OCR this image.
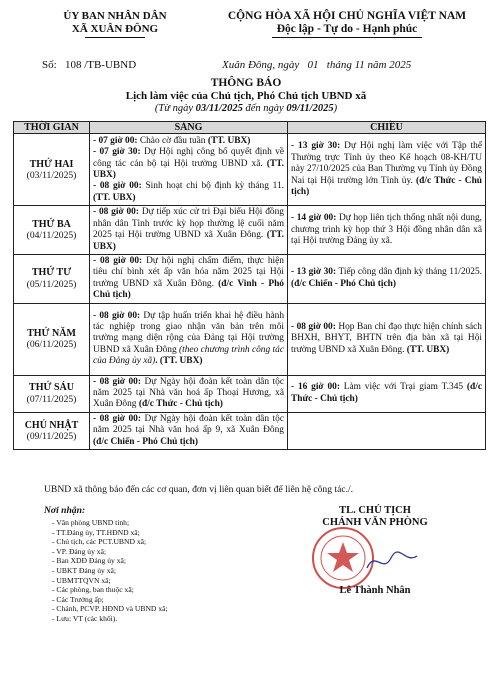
ỦY BAN NHÂN DÂN
XÃ XUÂN ĐÔNG
CỘNG HÒA XÃ HỘI CHỦ NGHĨA VIỆT NAM
Độc lập - Tự do - Hạnh phúc
Số: 108 /TB-UBND	Xuân Đông, ngày 01 tháng 11 năm 2025
THÔNG BÁO
Lịch làm việc của Chủ tịch, Phó Chủ tịch UBND xã
(Từ ngày 03/11/2025 đến ngày 09/11/2025)
THỜI GIAN	SÁNG	CHIỀU

THỨ HAI
(03/11/2025)	- 07 giờ 00: Chào cờ đầu tuần (TT. UBX)
- 07 giờ 30: Dự Hội nghị công bố quyết định về công tác cán bộ tại Hội trường UBND xã. (TT. UBX)
- 08 giờ 00: Sinh hoạt chi bộ định kỳ tháng 11. (TT. UBX)	- 13 giờ 30: Dự Hội nghị làm việc với Tập thể Thường trực Tỉnh ủy theo Kế hoạch 08-KH/TU này 27/10/2025 của Ban Thường vụ Tỉnh ủy Đồng Nai tại Hội trường lớn Tỉnh ủy. (đ/c Thức - Chủ tịch)

THỨ BA
(04/11/2025)	- 08 giờ 00: Dự tiếp xúc cử tri Đại biểu Hội đồng nhân dân Tỉnh trước kỳ họp thường lệ cuối năm 2025 tại Hội trường UBND xã Xuân Đông. (TT. UBX)	- 14 giờ 00: Dự họp liên tịch thống nhất nội dung, chương trình kỳ họp thứ 3 Hội đồng nhân dân xã tại Hội trường Đảng ủy xã.

THỨ TƯ
(05/11/2025)	- 08 giờ 00: Dự hội nghị chấm điểm, thực hiện tiêu chí bình xét ấp văn hóa năm 2025 tại Hội trường UBND xã Xuân Đông. (đ/c Vinh - Phó Chủ tịch)	- 13 giờ 30: Tiếp công dân định kỳ tháng 11/2025. (đ/c Chiến - Phó Chủ tịch)

THỨ NĂM
(06/11/2025)	- 08 giờ 00: Dự tập huấn triển khai hệ điều hành tác nghiệp trong giao nhận văn bản trên môi trường mạng diện rộng của Đảng tại Hội trường UBND xã Xuân Đông (theo chương trình công tác của Đảng ủy xã). (TT. UBX)	- 08 giờ 00: Họp Ban chỉ đạo thực hiện chính sách BHXH, BHYT, BHTN trên địa bàn xã tại Hội trường UBND xã Xuân Đông. (TT. UBX)

THỨ SÁU
(07/11/2025)	- 08 giờ 00: Dự Ngày hội đoàn kết toàn dân tộc năm 2025 tại Nhà văn hoá ấp Thoại Hương, xã Xuân Đông (đ/c Thức - Chủ tịch)	- 16 giờ 00: Làm việc với Trại giam T.345 (đ/c Thức - Chủ tịch)

CHỦ NHẬT
(09/11/2025)	- 08 giờ 00: Dự Ngày hội đoàn kết toàn dân tộc năm 2025 tại Nhà văn hoá ấp 9, xã Xuân Đông (đ/c Chiến - Phó Chủ tịch)	

UBND xã thông báo đến các cơ quan, đơn vị liên quan biết để liên hệ công tác./.
Nơi nhận:
- Văn phòng UBND tỉnh;
- TT.Đảng ủy, TT.HĐND xã;
- Chủ tịch, các PCT.UBND xã;
- VP. Đảng ủy xã;
- Ban XDĐ Đảng ủy xã;
- UBKT Đảng ủy xã;
- UBMTTQVN xã;
- Các phòng, ban thuộc xã;
- Các Trưởng ấp;
- Chánh, PCVP. HĐND và UBND xã;
- Lưu: VT (các khối).
TL. CHỦ TỊCH
CHÁNH VĂN PHÒNG
Lê Thành Nhân
